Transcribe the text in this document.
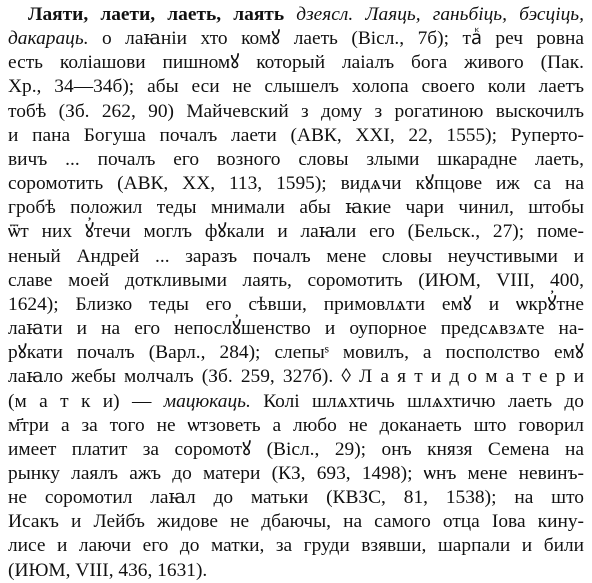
Лаяти, лаети, лаеть, лаять дзеясл. Лаяць, ганьбіць, бэсціць,
дакараць. о лаꙗніи хто комꙋ лаеть (Вісл., 7б); таⷦ реч ровна
есть коліашови пишномꙋ который лаіалъ бога живого (Пак.
Хр., 34—34б); абы еси не слышелъ холопа своего коли лаетъ
тобѣ (Зб. 262, 90) Майчевский з дому з рогатиною выскочилъ
и пана Богуша почалъ лаети (АВК, XXI, 22, 1555); Руперто-
вичъ ... почалъ его возного словы злыми шкарадне лаеть,
соромотить (АВК, XX, 113, 1595); видѧчи кꙋпцове иж са на
гробѣ положил теды мнимали абы ꙗкие чари чинил, штобы
ѿт них ꙋ҆течи моглъ фꙋкали и лаꙗли его (Бельск., 27); поме-
неный Андрей ... заразъ почалъ мене словы неучстивыми и
славе моей доткливыми лаять, соромотить (ИЮМ, VIII, 400,
1624); Близко теды его сѣвши, примовлѧти емꙋ и ѡкрꙋ҆тне
лаꙗти и на его непослꙋ҆шенство и оупорное предсѧвзѧте на-
рꙋкати почалъ (Варл., 284); слепыˢ мовилъ, а посполство емꙋ
лаꙗло жебы молчалъ (Зб. 259, 327б). ◊ Л а я т и д о м а т е р и
(м а т к и) — мацюкаць. Колі шлѧхтичь шлѧхтичю лаеть до
м҃три а за того не ѡтзоветь а любо не доканаеть што говорил
имеет платит за соромотꙋ (Вісл., 29); онъ князя Семена на
рынку лаялъ ажъ до матери (КЗ, 693, 1498); ѡнъ мене невинъ-
не соромотил лаꙗл до матьки (КВЗС, 81, 1538); на што
Исакъ и Лейбъ жидове не дбаючы, на самого отца Іова кину-
лисе и лаючи его до матки, за груди взявши, шарпали и били
(ИЮМ, VIII, 436, 1631).
